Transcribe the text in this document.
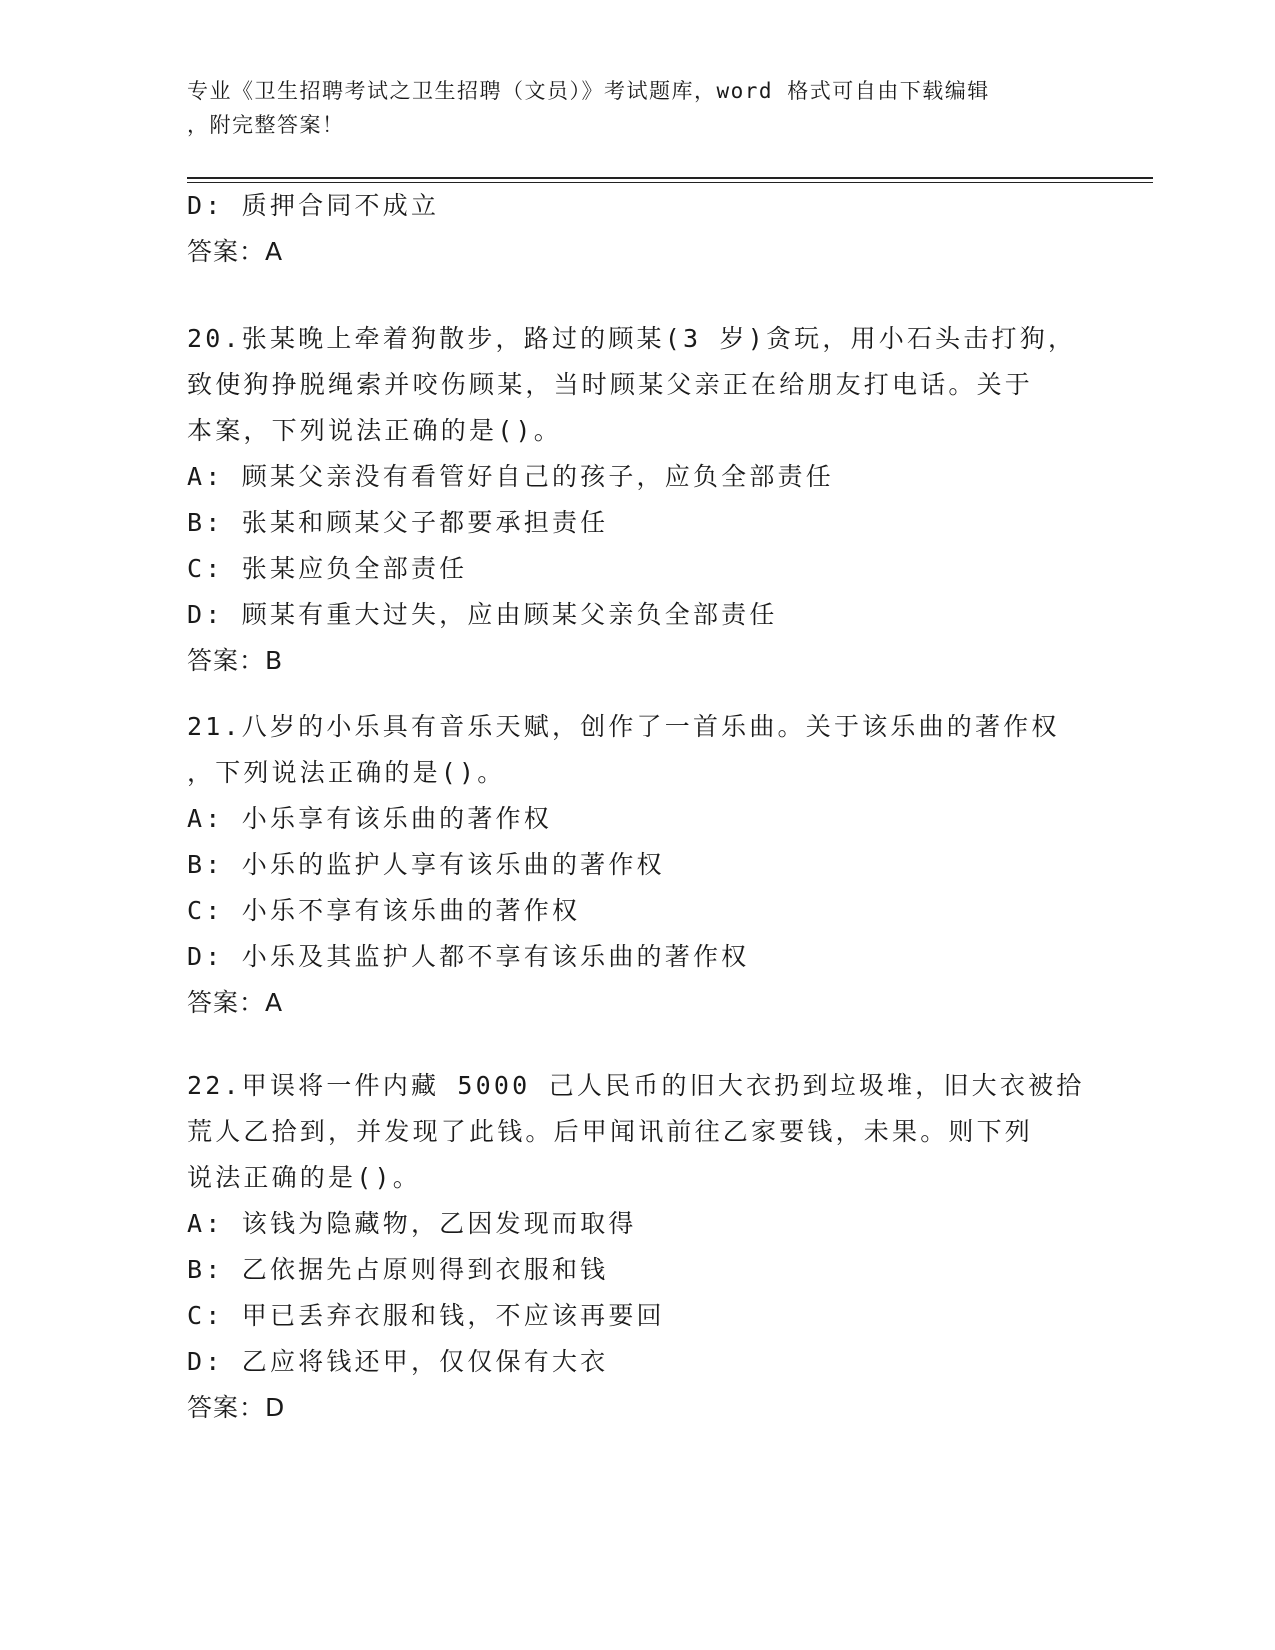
专业《卫生招聘考试之卫生招聘（文员）》考试题库，word 格式可自由下载编辑
，附完整答案！
D: 质押合同不成立
答案：A
20.张某晚上牵着狗散步，路过的顾某(3 岁)贪玩，用小石头击打狗，
致使狗挣脱绳索并咬伤顾某，当时顾某父亲正在给朋友打电话。关于
本案，下列说法正确的是()。
A: 顾某父亲没有看管好自己的孩子，应负全部责任
B: 张某和顾某父子都要承担责任
C: 张某应负全部责任
D: 顾某有重大过失，应由顾某父亲负全部责任
答案：B
21.八岁的小乐具有音乐天赋，创作了一首乐曲。关于该乐曲的著作权
，下列说法正确的是()。
A: 小乐享有该乐曲的著作权
B: 小乐的监护人享有该乐曲的著作权
C: 小乐不享有该乐曲的著作权
D: 小乐及其监护人都不享有该乐曲的著作权
答案：A
22.甲误将一件内藏 5000 己人民币的旧大衣扔到垃圾堆，旧大衣被拾
荒人乙拾到，并发现了此钱。后甲闻讯前往乙家要钱，未果。则下列
说法正确的是()。
A: 该钱为隐藏物，乙因发现而取得
B: 乙依据先占原则得到衣服和钱
C: 甲已丢弃衣服和钱，不应该再要回
D: 乙应将钱还甲，仅仅保有大衣
答案：D
